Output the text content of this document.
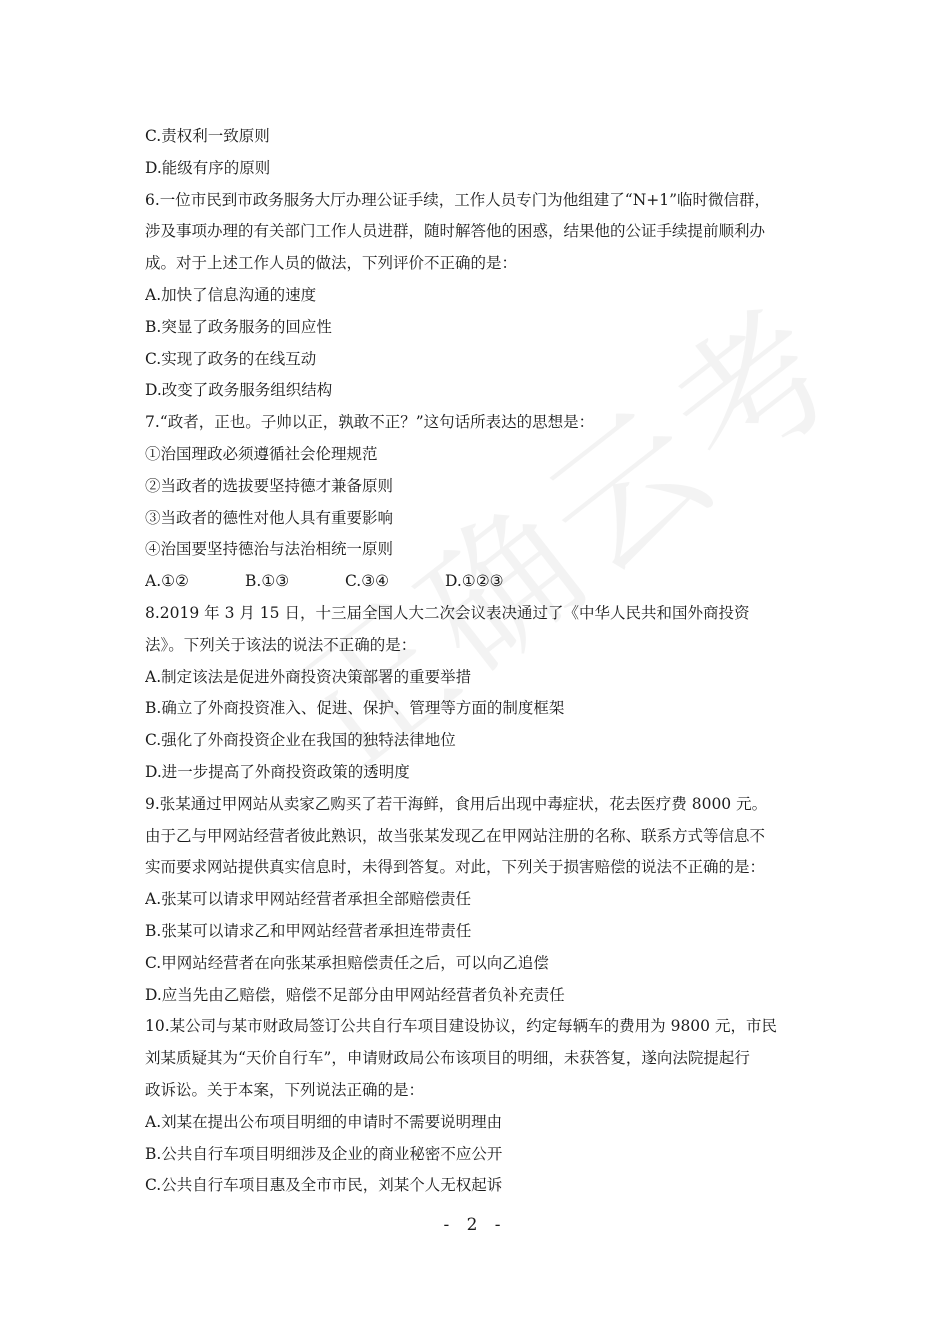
C.责权利一致原则
D.能级有序的原则
6.一位市民到市政务服务大厅办理公证手续，工作人员专门为他组建了“N+1”临时微信群，
涉及事项办理的有关部门工作人员进群，随时解答他的困惑，结果他的公证手续提前顺利办
成。对于上述工作人员的做法，下列评价不正确的是：
A.加快了信息沟通的速度
B.突显了政务服务的回应性
C.实现了政务的在线互动
D.改变了政务服务组织结构
7.“政者，正也。子帅以正，孰敢不正？”这句话所表达的思想是：
①治国理政必须遵循社会伦理规范
②当政者的选拔要坚持德才兼备原则
③当政者的德性对他人具有重要影响
④治国要坚持德治与法治相统一原则
A.①②	B.①③	C.③④	D.①②③
8.2019 年 3 月 15 日，十三届全国人大二次会议表决通过了《中华人民共和国外商投资
法》。下列关于该法的说法不正确的是：
A.制定该法是促进外商投资决策部署的重要举措
B.确立了外商投资准入、促进、保护、管理等方面的制度框架
C.强化了外商投资企业在我国的独特法律地位
D.进一步提高了外商投资政策的透明度
9.张某通过甲网站从卖家乙购买了若干海鲜，食用后出现中毒症状，花去医疗费 8000 元。
由于乙与甲网站经营者彼此熟识，故当张某发现乙在甲网站注册的名称、联系方式等信息不
实而要求网站提供真实信息时，未得到答复。对此，下列关于损害赔偿的说法不正确的是：
A.张某可以请求甲网站经营者承担全部赔偿责任
B.张某可以请求乙和甲网站经营者承担连带责任
C.甲网站经营者在向张某承担赔偿责任之后，可以向乙追偿
D.应当先由乙赔偿，赔偿不足部分由甲网站经营者负补充责任
10.某公司与某市财政局签订公共自行车项目建设协议，约定每辆车的费用为 9800 元，市民
刘某质疑其为“天价自行车”，申请财政局公布该项目的明细，未获答复，遂向法院提起行
政诉讼。关于本案，下列说法正确的是：
A.刘某在提出公布项目明细的申请时不需要说明理由
B.公共自行车项目明细涉及企业的商业秘密不应公开
C.公共自行车项目惠及全市市民，刘某个人无权起诉
- 2 -
